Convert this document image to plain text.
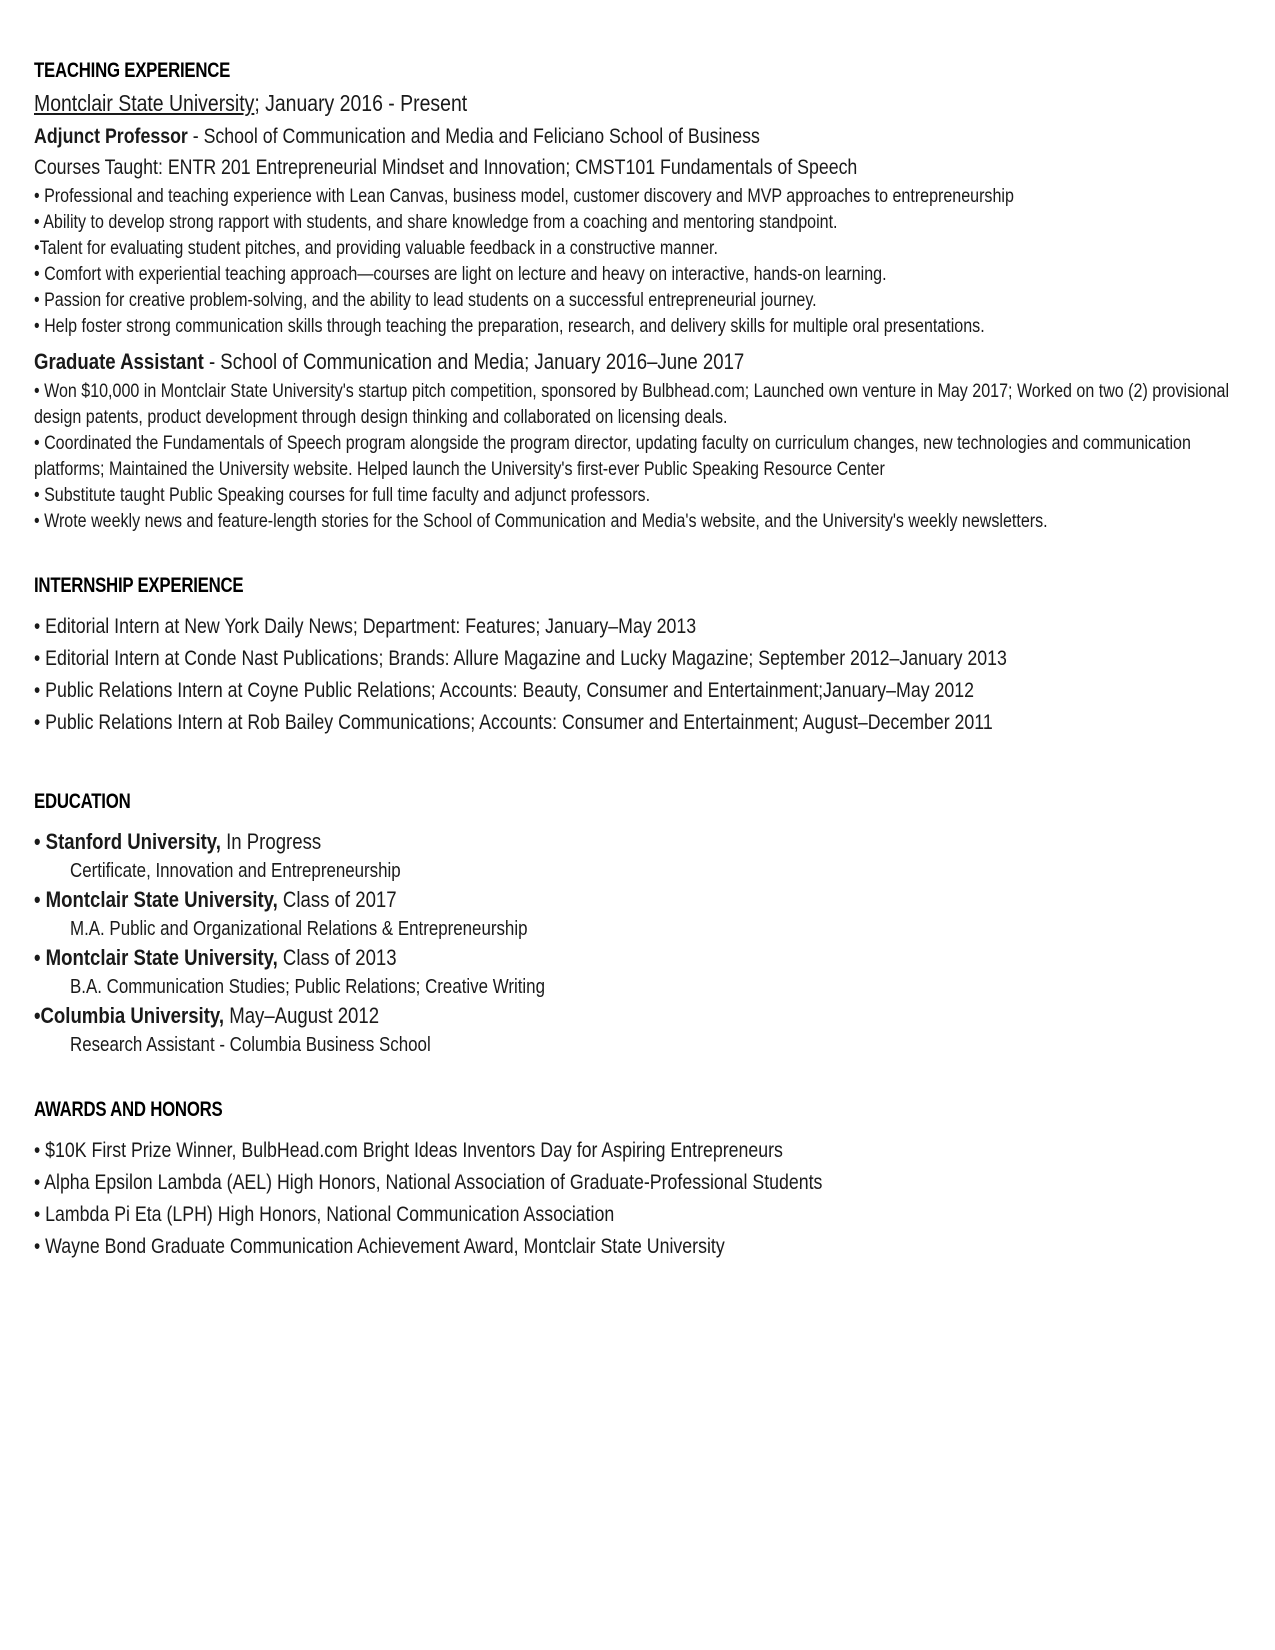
TEACHING EXPERIENCE

Montclair State University; January 2016 - Present

Adjunct Professor - School of Communication and Media and Feliciano School of Business

Courses Taught: ENTR 201 Entrepreneurial Mindset and Innovation; CMST101 Fundamentals of Speech

• Professional and teaching experience with Lean Canvas, business model, customer discovery and MVP approaches to entrepreneurship

• Ability to develop strong rapport with students, and share knowledge from a coaching and mentoring standpoint.

•Talent for evaluating student pitches, and providing valuable feedback in a constructive manner.

• Comfort with experiential teaching approach—courses are light on lecture and heavy on interactive, hands-on learning.

• Passion for creative problem-solving, and the ability to lead students on a successful entrepreneurial journey.

• Help foster strong communication skills through teaching the preparation, research, and delivery skills for multiple oral presentations.

Graduate Assistant - School of Communication and Media; January 2016–June 2017

• Won $10,000 in Montclair State University's startup pitch competition, sponsored by Bulbhead.com; Launched own venture in May 2017; Worked on two (2) provisional design patents, product development through design thinking and collaborated on licensing deals.

• Coordinated the Fundamentals of Speech program alongside the program director, updating faculty on curriculum changes, new technologies and communication platforms; Maintained the University website. Helped launch the University's first-ever Public Speaking Resource Center

• Substitute taught Public Speaking courses for full time faculty and adjunct professors.

• Wrote weekly news and feature-length stories for the School of Communication and Media's website, and the University's weekly newsletters.

INTERNSHIP EXPERIENCE

• Editorial Intern at New York Daily News; Department: Features; January–May 2013

• Editorial Intern at Conde Nast Publications; Brands: Allure Magazine and Lucky Magazine; September 2012–January 2013

• Public Relations Intern at Coyne Public Relations; Accounts: Beauty, Consumer and Entertainment;January–May 2012

• Public Relations Intern at Rob Bailey Communications; Accounts: Consumer and Entertainment; August–December 2011

EDUCATION

• Stanford University, In Progress

Certificate, Innovation and Entrepreneurship

• Montclair State University, Class of 2017

M.A. Public and Organizational Relations & Entrepreneurship

• Montclair State University, Class of 2013

B.A. Communication Studies; Public Relations; Creative Writing

•Columbia University, May–August 2012

Research Assistant - Columbia Business School

AWARDS AND HONORS

• $10K First Prize Winner, BulbHead.com Bright Ideas Inventors Day for Aspiring Entrepreneurs

• Alpha Epsilon Lambda (AEL) High Honors, National Association of Graduate-Professional Students

• Lambda Pi Eta (LPH) High Honors, National Communication Association

• Wayne Bond Graduate Communication Achievement Award, Montclair State University
